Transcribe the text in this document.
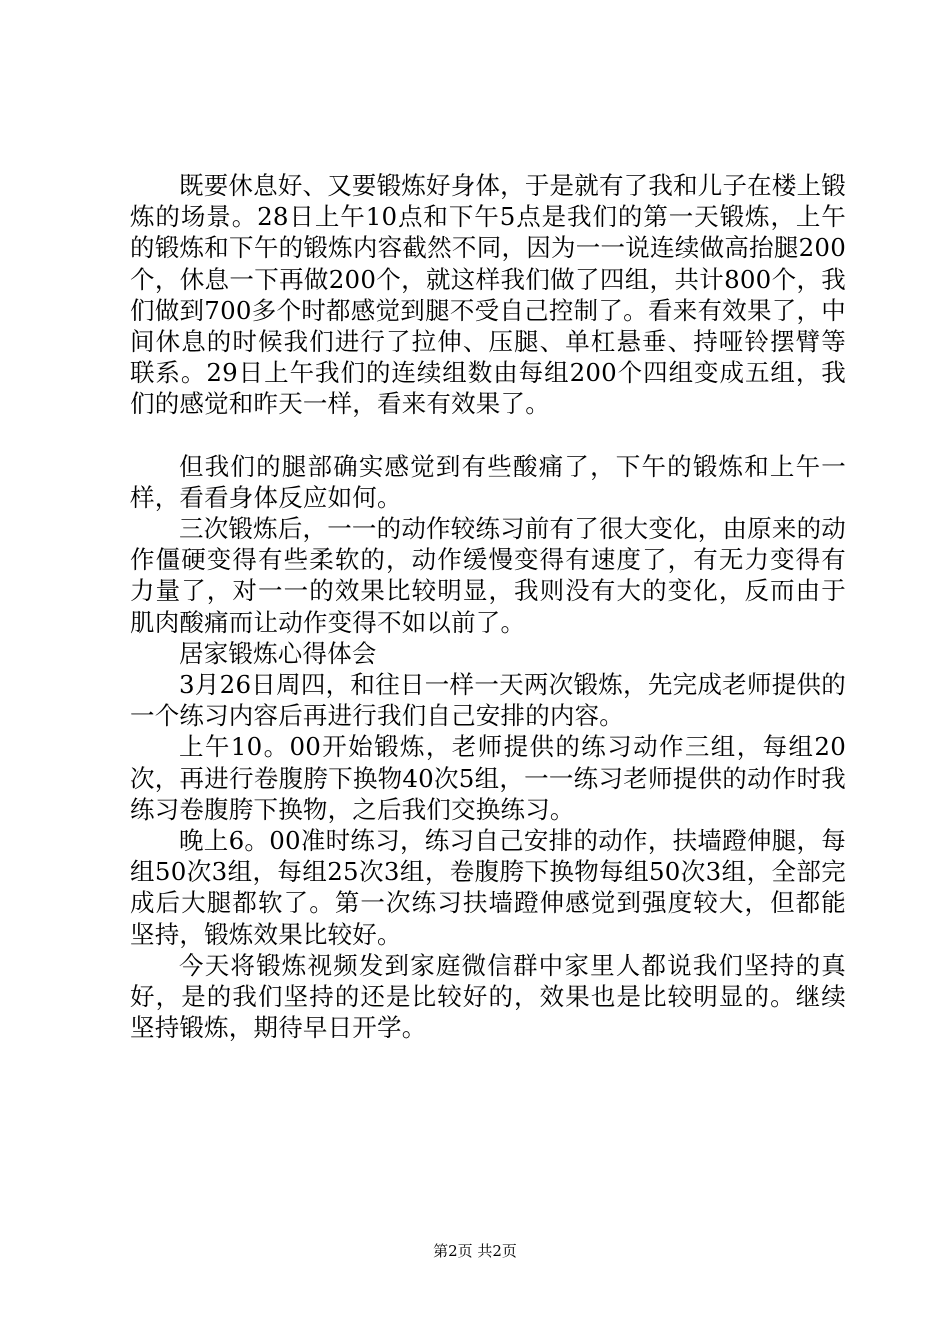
既要休息好、又要锻炼好身体，于是就有了我和儿子在楼上锻炼的场景。28日上午10点和下午5点是我们的第一天锻炼，上午的锻炼和下午的锻炼内容截然不同，因为一一说连续做高抬腿200个，休息一下再做200个，就这样我们做了四组，共计800个，我们做到700多个时都感觉到腿不受自己控制了。看来有效果了，中间休息的时候我们进行了拉伸、压腿、单杠悬垂、持哑铃摆臂等联系。29日上午我们的连续组数由每组200个四组变成五组，我们的感觉和昨天一样，看来有效果了。

但我们的腿部确实感觉到有些酸痛了，下午的锻炼和上午一样，看看身体反应如何。

三次锻炼后，一一的动作较练习前有了很大变化，由原来的动作僵硬变得有些柔软的，动作缓慢变得有速度了，有无力变得有力量了，对一一的效果比较明显，我则没有大的变化，反而由于肌肉酸痛而让动作变得不如以前了。

居家锻炼心得体会

3月26日周四，和往日一样一天两次锻炼，先完成老师提供的一个练习内容后再进行我们自己安排的内容。

上午10。00开始锻炼，老师提供的练习动作三组，每组20次，再进行卷腹胯下换物40次5组，一一练习老师提供的动作时我练习卷腹胯下换物，之后我们交换练习。

晚上6。00准时练习，练习自己安排的动作，扶墙蹬伸腿，每组50次3组，每组25次3组，卷腹胯下换物每组50次3组，全部完成后大腿都软了。第一次练习扶墙蹬伸感觉到强度较大，但都能坚持，锻炼效果比较好。

今天将锻炼视频发到家庭微信群中家里人都说我们坚持的真好，是的我们坚持的还是比较好的，效果也是比较明显的。继续坚持锻炼，期待早日开学。

第2页 共2页
